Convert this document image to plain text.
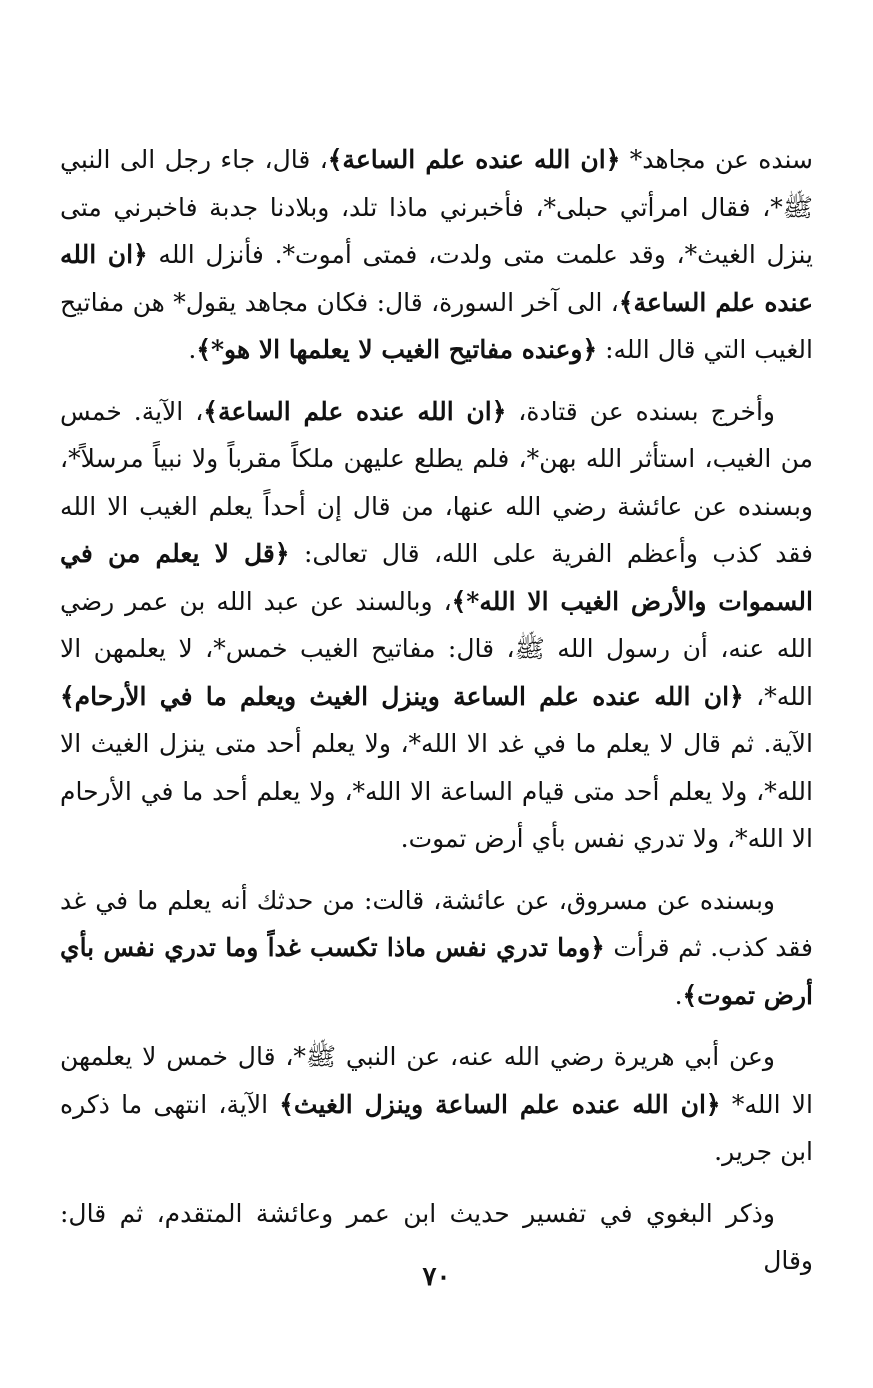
سنده عن مجاهد* ﴿ان الله عنده علم الساعة﴾، قال، جاء رجل الى النبي ﷺ*، فقال امرأتي حبلى*، فأخبرني ماذا تلد، وبلادنا جدبة فاخبرني متى ينزل الغيث*، وقد علمت متى ولدت، فمتى أموت*. فأنزل الله ﴿ان الله عنده علم الساعة﴾، الى آخر السورة، قال: فكان مجاهد يقول* هن مفاتيح الغيب التي قال الله: ﴿وعنده مفاتيح الغيب لا يعلمها الا هو*﴾.

وأخرج بسنده عن قتادة، ﴿ان الله عنده علم الساعة﴾، الآية. خمس من الغيب، استأثر الله بهن*، فلم يطلع عليهن ملكاً مقرباً ولا نبياً مرسلاً*، وبسنده عن عائشة رضي الله عنها، من قال إن أحداً يعلم الغيب الا الله فقد كذب وأعظم الفرية على الله، قال تعالى: ﴿قل لا يعلم من في السموات والأرض الغيب الا الله*﴾، وبالسند عن عبد الله بن عمر رضي الله عنه، أن رسول الله ﷺ، قال: مفاتيح الغيب خمس*، لا يعلمهن الا الله*، ﴿ان الله عنده علم الساعة وينزل الغيث ويعلم ما في الأرحام﴾ الآية. ثم قال لا يعلم ما في غد الا الله*، ولا يعلم أحد متى ينزل الغيث الا الله*، ولا يعلم أحد متى قيام الساعة الا الله*، ولا يعلم أحد ما في الأرحام الا الله*، ولا تدري نفس بأي أرض تموت.

وبسنده عن مسروق، عن عائشة، قالت: من حدثك أنه يعلم ما في غد فقد كذب. ثم قرأت ﴿وما تدري نفس ماذا تكسب غداً وما تدري نفس بأي أرض تموت﴾.

وعن أبي هريرة رضي الله عنه، عن النبي ﷺ*، قال خمس لا يعلمهن الا الله* ﴿ان الله عنده علم الساعة وينزل الغيث﴾ الآية، انتهى ما ذكره ابن جرير.

وذكر البغوي في تفسير حديث ابن عمر وعائشة المتقدم، ثم قال: وقال

٧٠
